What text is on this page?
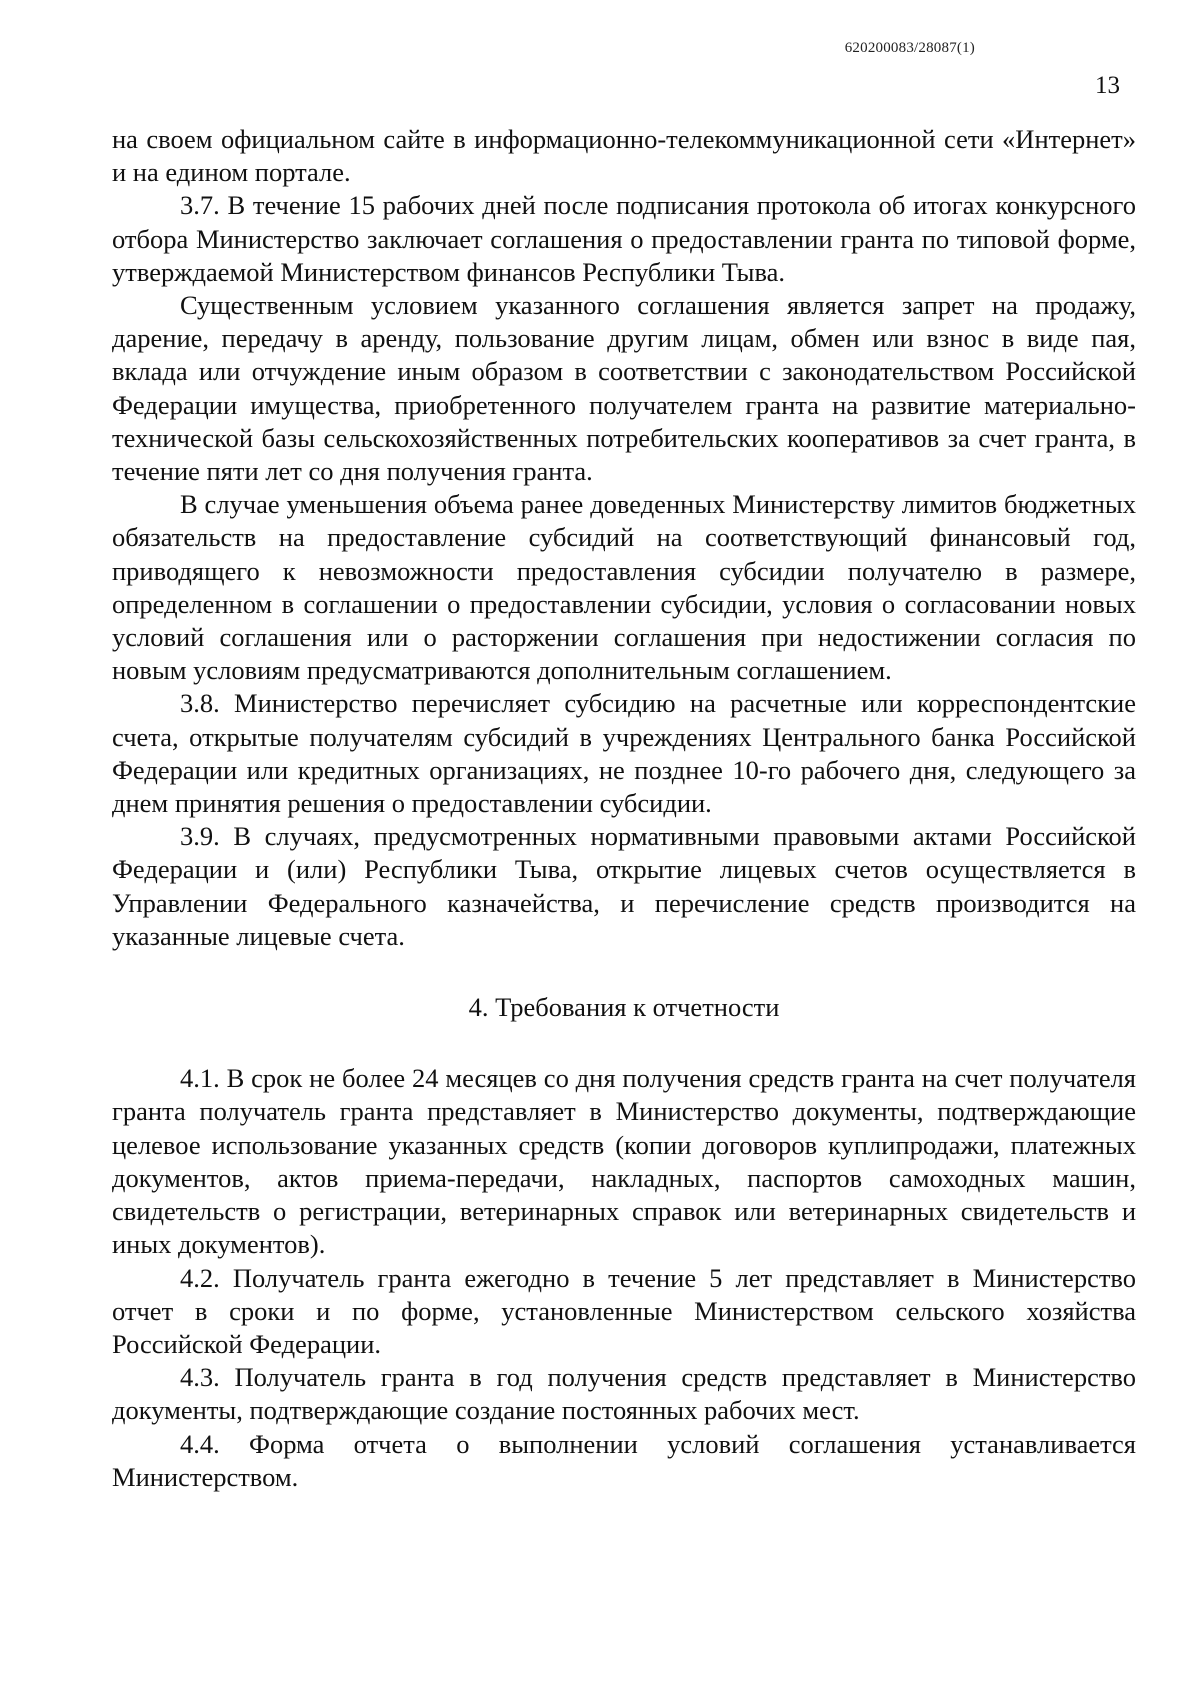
620200083/28087(1)
13

на своем официальном сайте в информационно-телекоммуникационной сети «Интернет» и на едином портале.

3.7. В течение 15 рабочих дней после подписания протокола об итогах конкурсного отбора Министерство заключает соглашения о предоставлении гранта по типовой форме, утверждаемой Министерством финансов Республики Тыва.

Существенным условием указанного соглашения является запрет на продажу, дарение, передачу в аренду, пользование другим лицам, обмен или взнос в виде пая, вклада или отчуждение иным образом в соответствии с законодательством Российской Федерации имущества, приобретенного получателем гранта на развитие материально-технической базы сельскохозяйственных потребительских кооперативов за счет гранта, в течение пяти лет со дня получения гранта.

В случае уменьшения объема ранее доведенных Министерству лимитов бюджетных обязательств на предоставление субсидий на соответствующий финансовый год, приводящего к невозможности предоставления субсидии получателю в размере, определенном в соглашении о предоставлении субсидии, условия о согласовании новых условий соглашения или о расторжении соглашения при недостижении согласия по новым условиям предусматриваются дополнительным соглашением.

3.8. Министерство перечисляет субсидию на расчетные или корреспондентские счета, открытые получателям субсидий в учреждениях Центрального банка Российской Федерации или кредитных организациях, не позднее 10-го рабочего дня, следующего за днем принятия решения о предоставлении субсидии.

3.9. В случаях, предусмотренных нормативными правовыми актами Российской Федерации и (или) Республики Тыва, открытие лицевых счетов осуществляется в Управлении Федерального казначейства, и перечисление средств производится на указанные лицевые счета.

4. Требования к отчетности

4.1. В срок не более 24 месяцев со дня получения средств гранта на счет получателя гранта получатель гранта представляет в Министерство документы, подтверждающие целевое использование указанных средств (копии договоров куплипродажи, платежных документов, актов приема-передачи, накладных, паспортов самоходных машин, свидетельств о регистрации, ветеринарных справок или ветеринарных свидетельств и иных документов).

4.2. Получатель гранта ежегодно в течение 5 лет представляет в Министерство отчет в сроки и по форме, установленные Министерством сельского хозяйства Российской Федерации.

4.3. Получатель гранта в год получения средств представляет в Министерство документы, подтверждающие создание постоянных рабочих мест.

4.4. Форма отчета о выполнении условий соглашения устанавливается Министерством.
